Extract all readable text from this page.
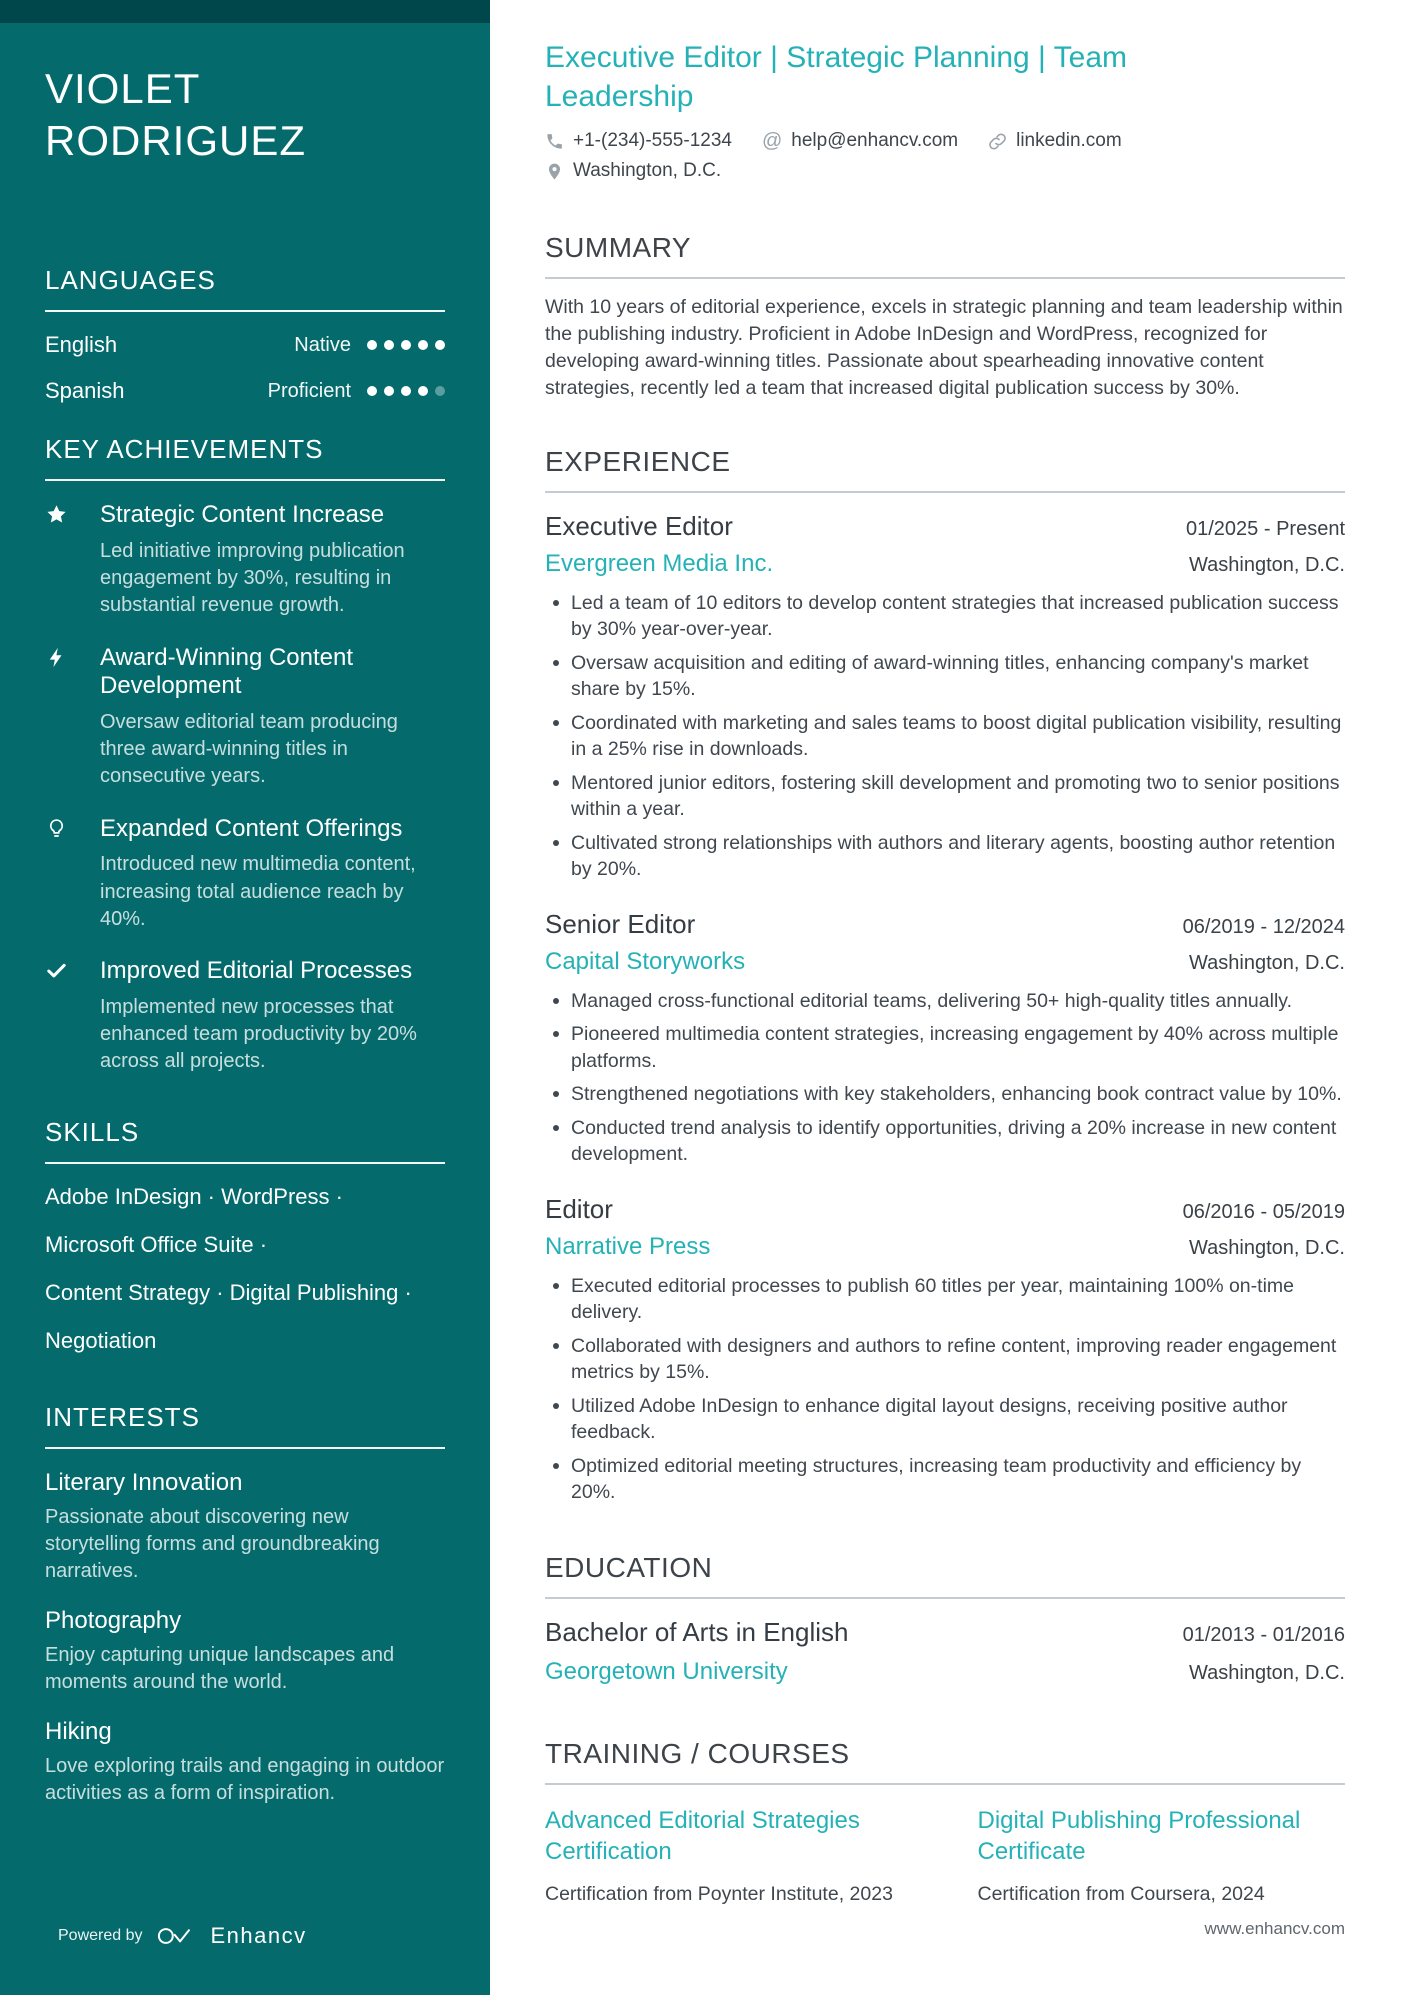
VIOLET RODRIGUEZ
LANGUAGES
English	Native
Spanish	Proficient
KEY ACHIEVEMENTS
Strategic Content Increase
Led initiative improving publication engagement by 30%, resulting in substantial revenue growth.
Award-Winning Content Development
Oversaw editorial team producing three award-winning titles in consecutive years.
Expanded Content Offerings
Introduced new multimedia content, increasing total audience reach by 40%.
Improved Editorial Processes
Implemented new processes that enhanced team productivity by 20% across all projects.
SKILLS
Adobe InDesign · WordPress ·
Microsoft Office Suite ·
Content Strategy · Digital Publishing ·
Negotiation
INTERESTS
Literary Innovation
Passionate about discovering new storytelling forms and groundbreaking narratives.
Photography
Enjoy capturing unique landscapes and moments around the world.
Hiking
Love exploring trails and engaging in outdoor activities as a form of inspiration.
Powered by	Enhancv
Executive Editor | Strategic Planning | Team Leadership
+1-(234)-555-1234 @ help@enhancv.com	linkedin.com
Washington, D.C.
SUMMARY

With 10 years of editorial experience, excels in strategic planning and team leadership within the publishing industry. Proficient in Adobe InDesign and WordPress, recognized for developing award-winning titles. Passionate about spearheading innovative content strategies, recently led a team that increased digital publication success by 30%.

EXPERIENCE
Executive Editor	01/2025 - Present
Evergreen Media Inc.	Washington, D.C.
Led a team of 10 editors to develop content strategies that increased publication success by 30% year-over-year.
Oversaw acquisition and editing of award-winning titles, enhancing company's market share by 15%.
Coordinated with marketing and sales teams to boost digital publication visibility, resulting in a 25% rise in downloads.
Mentored junior editors, fostering skill development and promoting two to senior positions within a year.
Cultivated strong relationships with authors and literary agents, boosting author retention by 20%.
Senior Editor	06/2019 - 12/2024
Capital Storyworks	Washington, D.C.
Managed cross-functional editorial teams, delivering 50+ high-quality titles annually.
Pioneered multimedia content strategies, increasing engagement by 40% across multiple platforms.
Strengthened negotiations with key stakeholders, enhancing book contract value by 10%.
Conducted trend analysis to identify opportunities, driving a 20% increase in new content development.
Editor	06/2016 - 05/2019
Narrative Press	Washington, D.C.
Executed editorial processes to publish 60 titles per year, maintaining 100% on-time delivery.
Collaborated with designers and authors to refine content, improving reader engagement metrics by 15%.
Utilized Adobe InDesign to enhance digital layout designs, receiving positive author feedback.
Optimized editorial meeting structures, increasing team productivity and efficiency by 20%.
EDUCATION
Bachelor of Arts in English	01/2013 - 01/2016
Georgetown University	Washington, D.C.
TRAINING / COURSES
Advanced Editorial Strategies Certification
Certification from Poynter Institute, 2023
Digital Publishing Professional Certificate
Certification from Coursera, 2024
www.enhancv.com
